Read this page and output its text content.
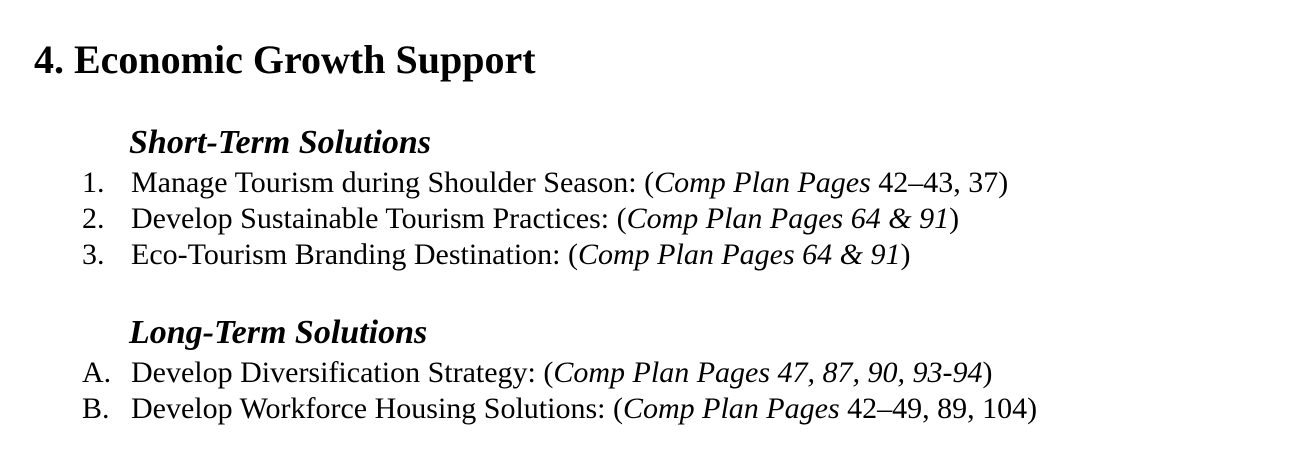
4. Economic Growth Support
Short-Term Solutions
1. Manage Tourism during Shoulder Season: (Comp Plan Pages 42–43, 37)
2. Develop Sustainable Tourism Practices: (Comp Plan Pages 64 & 91)
3. Eco-Tourism Branding Destination: (Comp Plan Pages 64 & 91)
Long-Term Solutions
A. Develop Diversification Strategy: (Comp Plan Pages 47, 87, 90, 93-94)
B. Develop Workforce Housing Solutions: (Comp Plan Pages 42–49, 89, 104)
